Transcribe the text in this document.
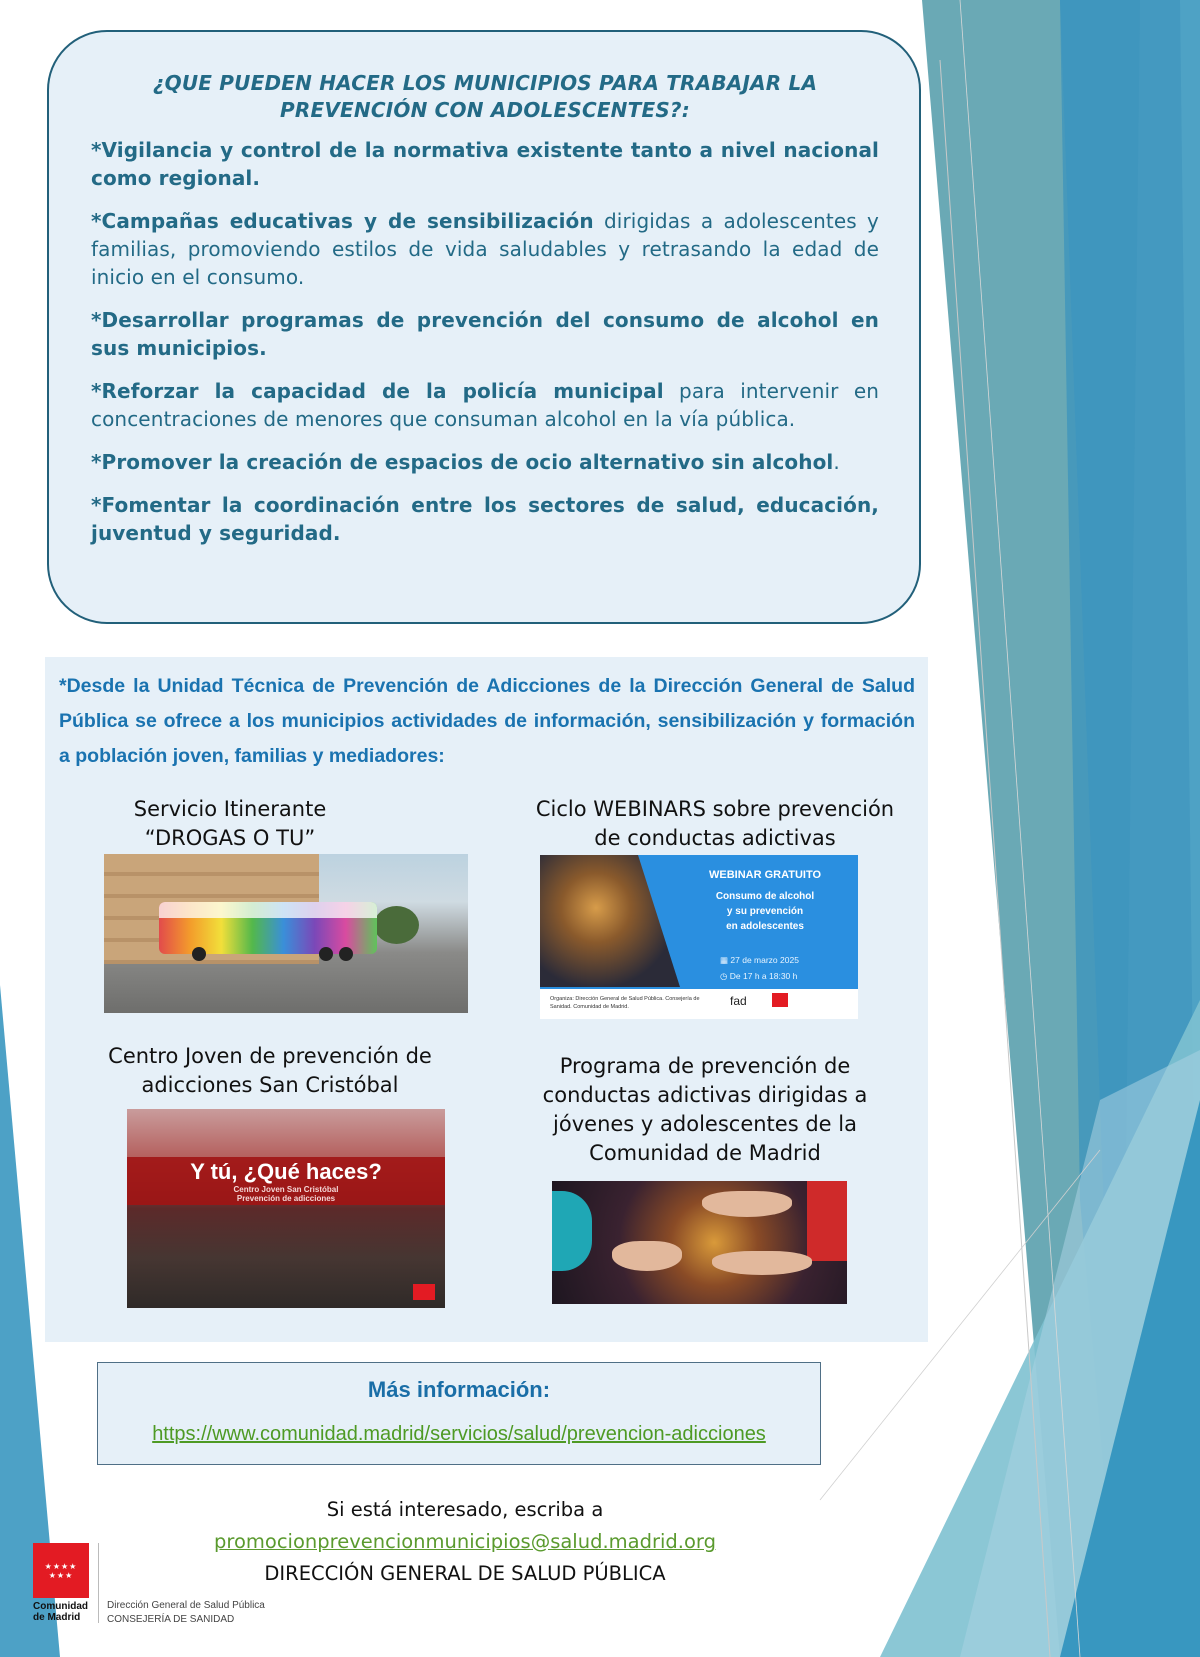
¿QUE PUEDEN HACER LOS MUNICIPIOS PARA TRABAJAR LA
PREVENCIÓN CON ADOLESCENTES?:
*Vigilancia y control de la normativa existente tanto a nivel nacional como regional.
*Campañas educativas y de sensibilización dirigidas a adolescentes y familias, promoviendo estilos de vida saludables y retrasando la edad de inicio en el consumo.
*Desarrollar programas de prevención del consumo de alcohol en sus municipios.
*Reforzar la capacidad de la policía municipal para intervenir en concentraciones de menores que consuman alcohol en la vía pública.
*Promover la creación de espacios de ocio alternativo sin alcohol.
*Fomentar la coordinación entre los sectores de salud, educación, juventud y seguridad.
*Desde la Unidad Técnica de Prevención de Adicciones de la Dirección General de Salud Pública se ofrece a los municipios actividades de información, sensibilización y formación a población joven, familias y mediadores:
Servicio Itinerante “DROGAS O TU”
Ciclo WEBINARS sobre prevención
de conductas adictivas
WEBINAR GRATUITO
Consumo de alcohol
y su prevención
en adolescentes
▦ 27 de marzo 2025
◷ De 17 h a 18:30 h
Organiza: Dirección General de Salud Pública. Consejería de Sanidad. Comunidad de Madrid.	fad
Centro Joven de prevención de
adicciones San Cristóbal
Y tú, ¿Qué haces?
Centro Joven San Cristóbal
Prevención de adicciones
Programa de prevención de
conductas adictivas dirigidas a
jóvenes y adolescentes de la
Comunidad de Madrid
Más información:
https://www.comunidad.madrid/servicios/salud/prevencion-adicciones
Si está interesado, escriba a
promocionprevencionmunicipios@salud.madrid.org
DIRECCIÓN GENERAL DE SALUD PÚBLICA
★★★★ ★★★
Comunidad
de Madrid
Dirección General de Salud Pública
CONSEJERÍA DE SANIDAD
